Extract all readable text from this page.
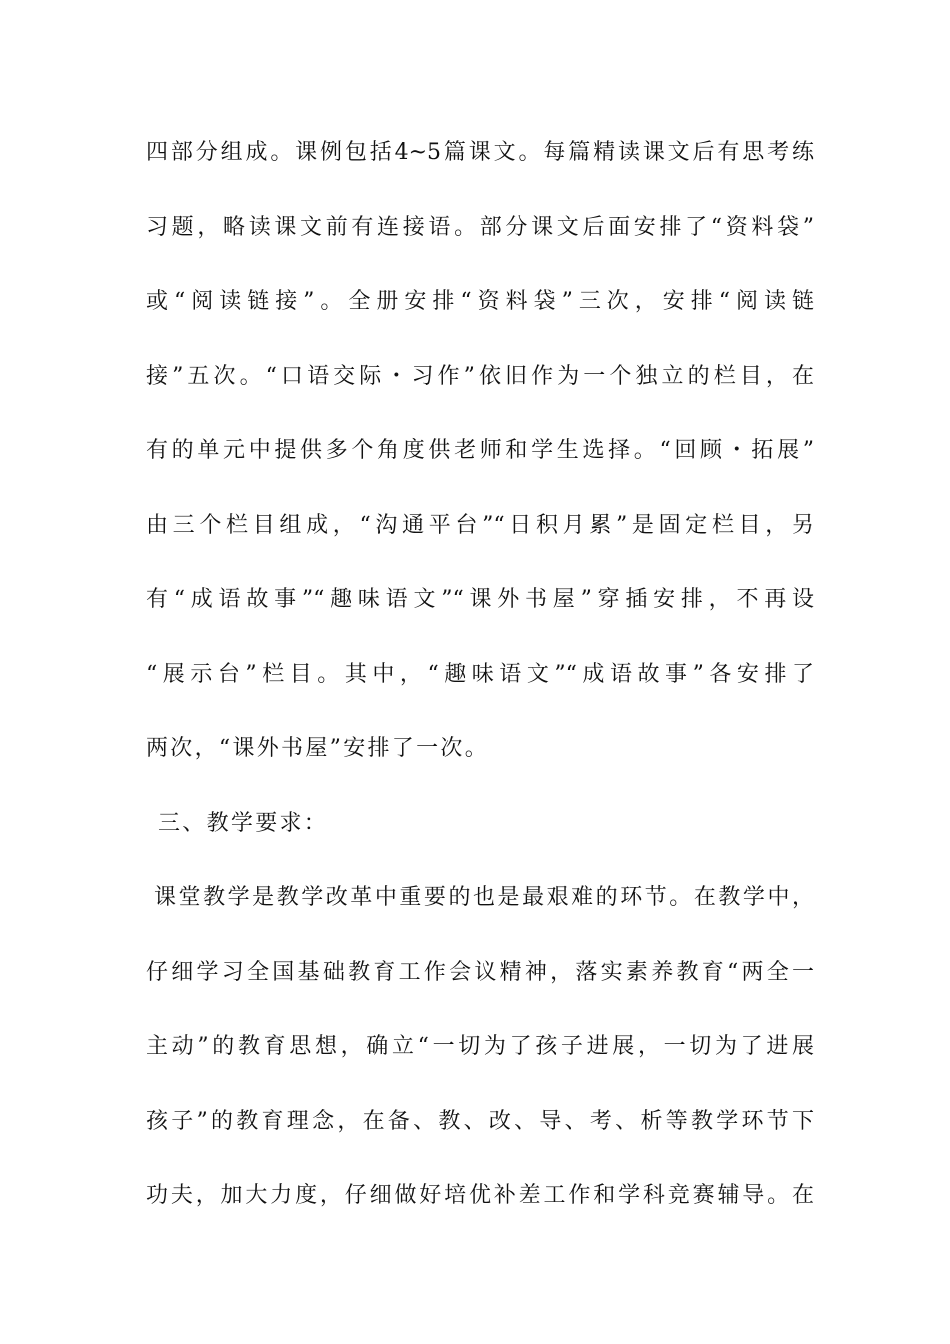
四部分组成。课例包括4~5篇课文。每篇精读课文后有思考练
习题，略读课文前有连接语。部分课文后面安排了“资料袋”
或“阅读链接”。全册安排“资料袋”三次，安排“阅读链
接”五次。“口语交际・习作”依旧作为一个独立的栏目，在
有的单元中提供多个角度供老师和学生选择。“回顾・拓展”
由三个栏目组成，“沟通平台”“日积月累”是固定栏目，另
有“成语故事”“趣味语文”“课外书屋”穿插安排，不再设
“展示台”栏目。其中，“趣味语文”“成语故事”各安排了
两次，“课外书屋”安排了一次。
三、教学要求：
课堂教学是教学改革中重要的也是最艰难的环节。在教学中，
仔细学习全国基础教育工作会议精神，落实素养教育“两全一
主动”的教育思想，确立“一切为了孩子进展，一切为了进展
孩子”的教育理念，在备、教、改、导、考、析等教学环节下
功夫，加大力度，仔细做好培优补差工作和学科竞赛辅导。在
